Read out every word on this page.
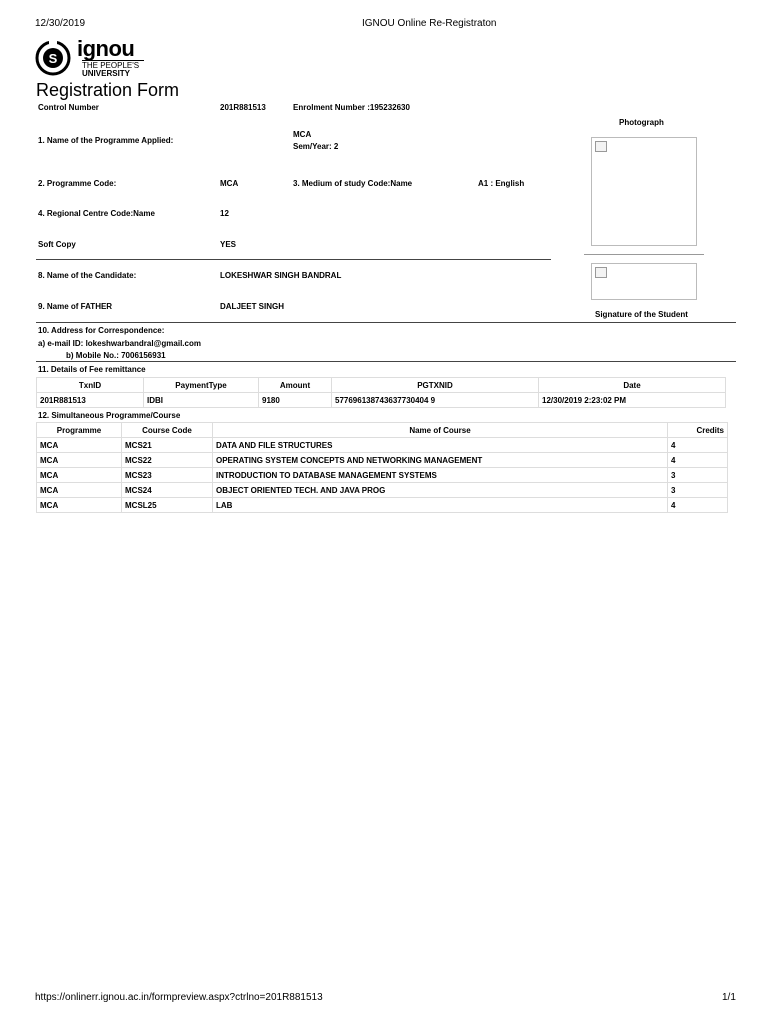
12/30/2019	IGNOU Online Re-Registraton
S ignou
THE PEOPLE'S
UNIVERSITY
Registration Form
Control Number	201R881513	Enrolment Number :195232630
Photograph
1. Name of the Programme Applied:
MCA
Sem/Year: 2
2. Programme Code:	MCA	3. Medium of study Code:Name	A1 : English
4. Regional Centre Code:Name	12
Soft Copy	YES
8. Name of the Candidate:	LOKESHWAR SINGH BANDRAL
9. Name of FATHER	DALJEET SINGH
Signature of the Student
10. Address for Correspondence:
a) e-mail ID: lokeshwarbandral@gmail.com
b) Mobile No.: 7006156931
11. Details of Fee remittance
TxnID	PaymentType	Amount	PGTXNID	Date
201R881513	IDBI	9180	577696138743637730404 9	12/30/2019 2:23:02 PM
12. Simultaneous Programme/Course
Programme	Course Code	Name of Course	Credits
MCA	MCS21	DATA AND FILE STRUCTURES	4
MCA	MCS22	OPERATING SYSTEM CONCEPTS AND NETWORKING MANAGEMENT	4
MCA	MCS23	INTRODUCTION TO DATABASE MANAGEMENT SYSTEMS	3
MCA	MCS24	OBJECT ORIENTED TECH. AND JAVA PROG	3
MCA	MCSL25	LAB	4
https://onlinerr.ignou.ac.in/formpreview.aspx?ctrlno=201R881513	1/1
